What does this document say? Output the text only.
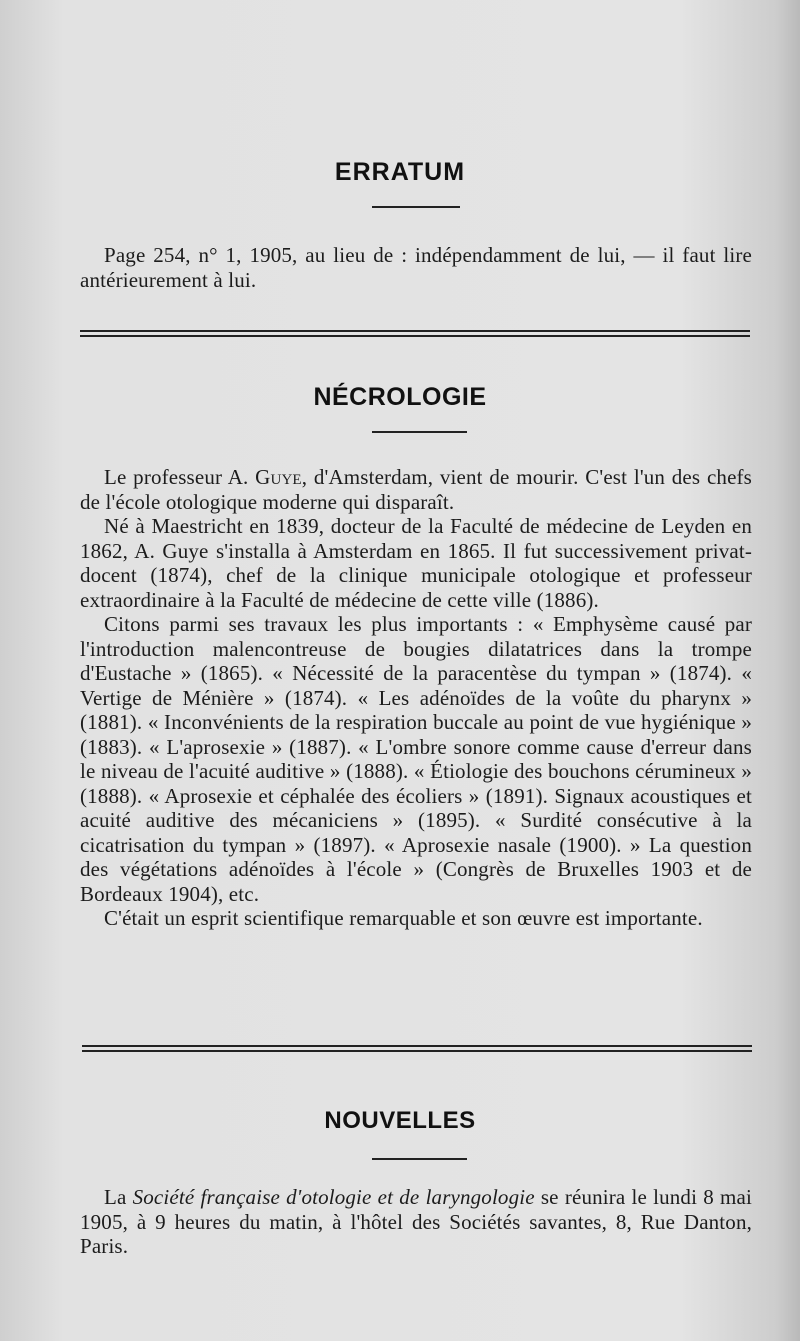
ERRATUM

Page 254, n° 1, 1905, au lieu de : indépendamment de lui, — il faut lire antérieurement à lui.

NÉCROLOGIE

Le professeur A. Guye, d'Amsterdam, vient de mourir. C'est l'un des chefs de l'école otologique moderne qui disparaît.

Né à Maestricht en 1839, docteur de la Faculté de médecine de Leyden en 1862, A. Guye s'installa à Amsterdam en 1865. Il fut successivement privat-docent (1874), chef de la clinique municipale otologique et professeur extraordinaire à la Faculté de médecine de cette ville (1886).

Citons parmi ses travaux les plus importants : « Emphysème causé par l'introduction malencontreuse de bougies dilatatrices dans la trompe d'Eustache » (1865). « Nécessité de la paracentèse du tympan » (1874). « Vertige de Ménière » (1874). « Les adénoïdes de la voûte du pharynx » (1881). « Inconvénients de la respiration buccale au point de vue hygiénique » (1883). « L'aprosexie » (1887). « L'ombre sonore comme cause d'erreur dans le niveau de l'acuité auditive » (1888). « Étiologie des bouchons cérumineux » (1888). « Aprosexie et céphalée des écoliers » (1891). Signaux acoustiques et acuité auditive des mécaniciens » (1895). « Surdité consécutive à la cicatrisation du tympan » (1897). « Aprosexie nasale (1900). » La question des végétations adénoïdes à l'école » (Congrès de Bruxelles 1903 et de Bordeaux 1904), etc.

C'était un esprit scientifique remarquable et son œuvre est importante.

NOUVELLES

La Société française d'otologie et de laryngologie se réunira le lundi 8 mai 1905, à 9 heures du matin, à l'hôtel des Sociétés savantes, 8, Rue Danton, Paris.
